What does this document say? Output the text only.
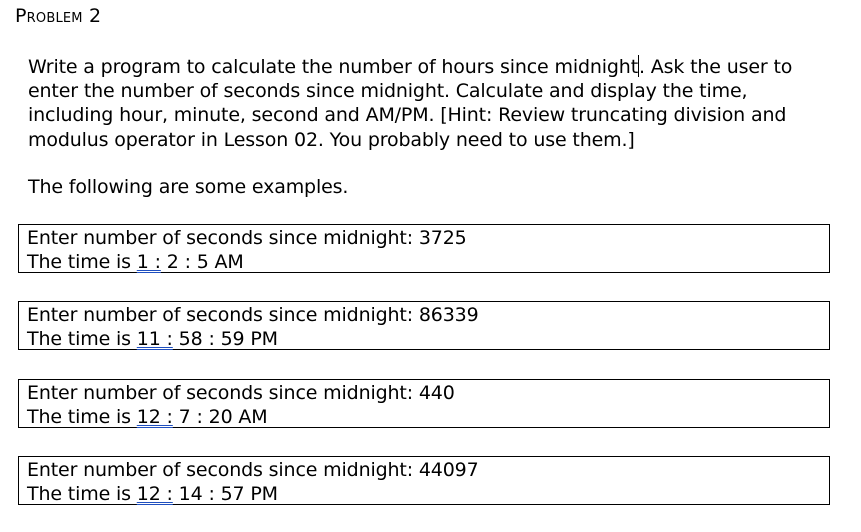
Problem 2

Write a program to calculate the number of hours since midnight. Ask the user to enter the number of seconds since midnight. Calculate and display the time, including hour, minute, second and AM/PM. [Hint: Review truncating division and modulus operator in Lesson 02. You probably need to use them.]

The following are some examples.

Enter number of seconds since midnight: 3725
The time is 1 : 2 : 5 AM
Enter number of seconds since midnight: 86339
The time is 11 : 58 : 59 PM
Enter number of seconds since midnight: 440
The time is 12 : 7 : 20 AM
Enter number of seconds since midnight: 44097
The time is 12 : 14 : 57 PM
